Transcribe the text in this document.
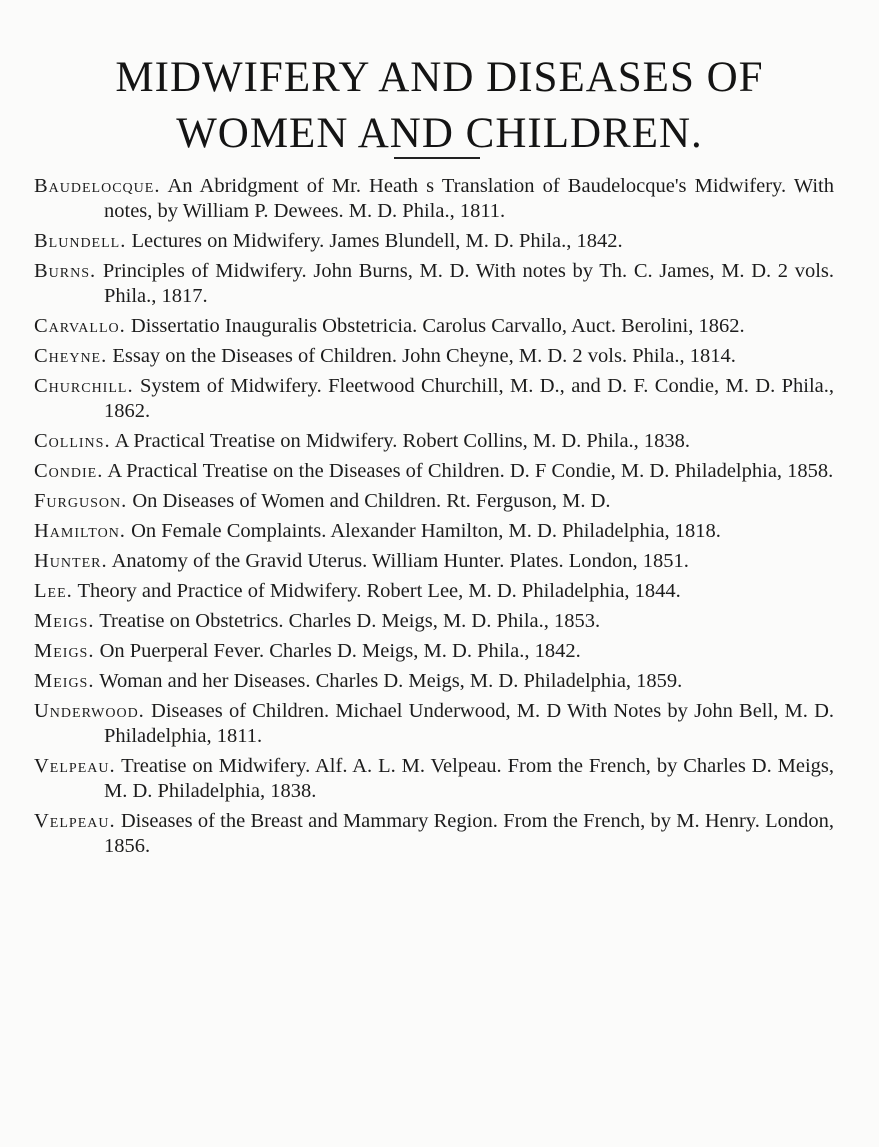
MIDWIFERY AND DISEASES OF
WOMEN AND CHILDREN.
Baudelocque. An Abridgment of Mr. Heath s Translation of Baudelocque's Midwifery. With notes, by William P. Dewees. M. D. Phila., 1811.
Blundell. Lectures on Midwifery. James Blundell, M. D. Phila., 1842.
Burns. Principles of Midwifery. John Burns, M. D. With notes by Th. C. James, M. D. 2 vols. Phila., 1817.
Carvallo. Dissertatio Inauguralis Obstetricia. Carolus Carvallo, Auct. Berolini, 1862.
Cheyne. Essay on the Diseases of Children. John Cheyne, M. D. 2 vols. Phila., 1814.
Churchill. System of Midwifery. Fleetwood Churchill, M. D., and D. F. Condie, M. D. Phila., 1862.
Collins. A Practical Treatise on Midwifery. Robert Collins, M. D. Phila., 1838.
Condie. A Practical Treatise on the Diseases of Children. D. F Condie, M. D. Philadelphia, 1858.
Furguson. On Diseases of Women and Children. Rt. Ferguson, M. D.
Hamilton. On Female Complaints. Alexander Hamilton, M. D. Philadelphia, 1818.
Hunter. Anatomy of the Gravid Uterus. William Hunter. Plates. London, 1851.
Lee. Theory and Practice of Midwifery. Robert Lee, M. D. Philadelphia, 1844.
Meigs. Treatise on Obstetrics. Charles D. Meigs, M. D. Phila., 1853.
Meigs. On Puerperal Fever. Charles D. Meigs, M. D. Phila., 1842.
Meigs. Woman and her Diseases. Charles D. Meigs, M. D. Philadelphia, 1859.
Underwood. Diseases of Children. Michael Underwood, M. D With Notes by John Bell, M. D. Philadelphia, 1811.
Velpeau. Treatise on Midwifery. Alf. A. L. M. Velpeau. From the French, by Charles D. Meigs, M. D. Philadelphia, 1838.
Velpeau. Diseases of the Breast and Mammary Region. From the French, by M. Henry. London, 1856.
